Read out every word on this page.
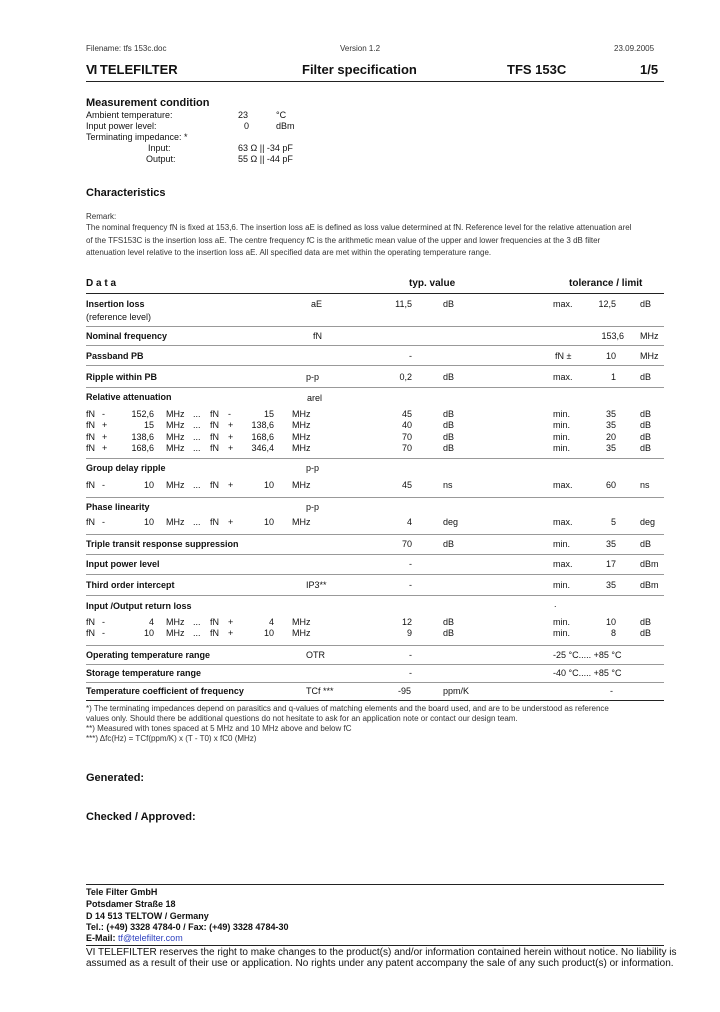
Filename: tfs 153c.doc	Version 1.2	23.09.2005
VI TELEFILTER	Filter specification	TFS 153C	1/5
Measurement condition
Ambient temperature:	23	°C
Input power level:	0	dBm
Terminating impedance: *
Input:	63 Ω || -34 pF
Output:	55 Ω || -44 pF
Characteristics
Remark:
The nominal frequency fN is fixed at 153,6. The insertion loss aE is defined as loss value determined at fN. Reference level for the relative attenuation arel
of the TFS153C is the insertion loss aE. The centre frequency fC is the arithmetic mean value of the upper and lower frequencies at the 3 dB filter
attenuation level relative to the insertion loss aE. All specified data are met within the operating temperature range.
D a t a	typ. value	tolerance / limit
Insertion loss
(reference level)
aE	11,5	dB	max.	12,5	dB
Nominal frequency	fN	153,6 MHz
Passband PB	-	fN ±	10	MHz
Ripple within PB	p-p	0,2	dB	max.	1	dB
Relative attenuation	arel
fN -	152,6 MHz ... fN -	15 MHz	45	dB	min.	35	dB
fN +	15 MHz ... fN +	138,6 MHz	40	dB	min.	35	dB
fN +	138,6 MHz ... fN +	168,6 MHz	70	dB	min.	20	dB
fN +	168,6 MHz ... fN +	346,4 MHz	70	dB	min.	35	dB
Group delay ripple	p-p
fN -	10 MHz ... fN +	10 MHz	45	ns	max.	60	ns
Phase linearity	p-p
fN -	10 MHz ... fN +	10 MHz	4	deg	max.	5	deg
Triple transit response suppression	70	dB	min.	35	dB
Input power level	-	max.	17	dBm
Third order intercept	IP3**	-	min.	35	dBm
Input /Output return loss	.
fN -	4 MHz ... fN +	4 MHz	12	dB	min.	10	dB
fN -	10 MHz ... fN +	10 MHz	9	dB	min.	8	dB
Operating temperature range	OTR	-	-25 °C..... +85 °C
Storage temperature range	-	-40 °C..... +85 °C
Temperature coefficient of frequency	TCf ***	-95	ppm/K	-
*) The terminating impedances depend on parasitics and q-values of matching elements and the board used, and are to be understood as reference
values only. Should there be additional questions do not hesitate to ask for an application note or contact our design team.
**) Measured with tones spaced at 5 MHz and 10 MHz above and below fC
***) Δfc(Hz) = TCf(ppm/K) x (T - T0) x fC0 (MHz)
Generated:
Checked / Approved:
Tele Filter GmbH
Potsdamer Straße 18
D 14 513 TELTOW / Germany
Tel.: (+49) 3328 4784-0 / Fax: (+49) 3328 4784-30
E-Mail: tf@telefilter.com
VI TELEFILTER reserves the right to make changes to the product(s) and/or information contained herein without notice. No liability is
assumed as a result of their use or application. No rights under any patent accompany the sale of any such product(s) or information.
